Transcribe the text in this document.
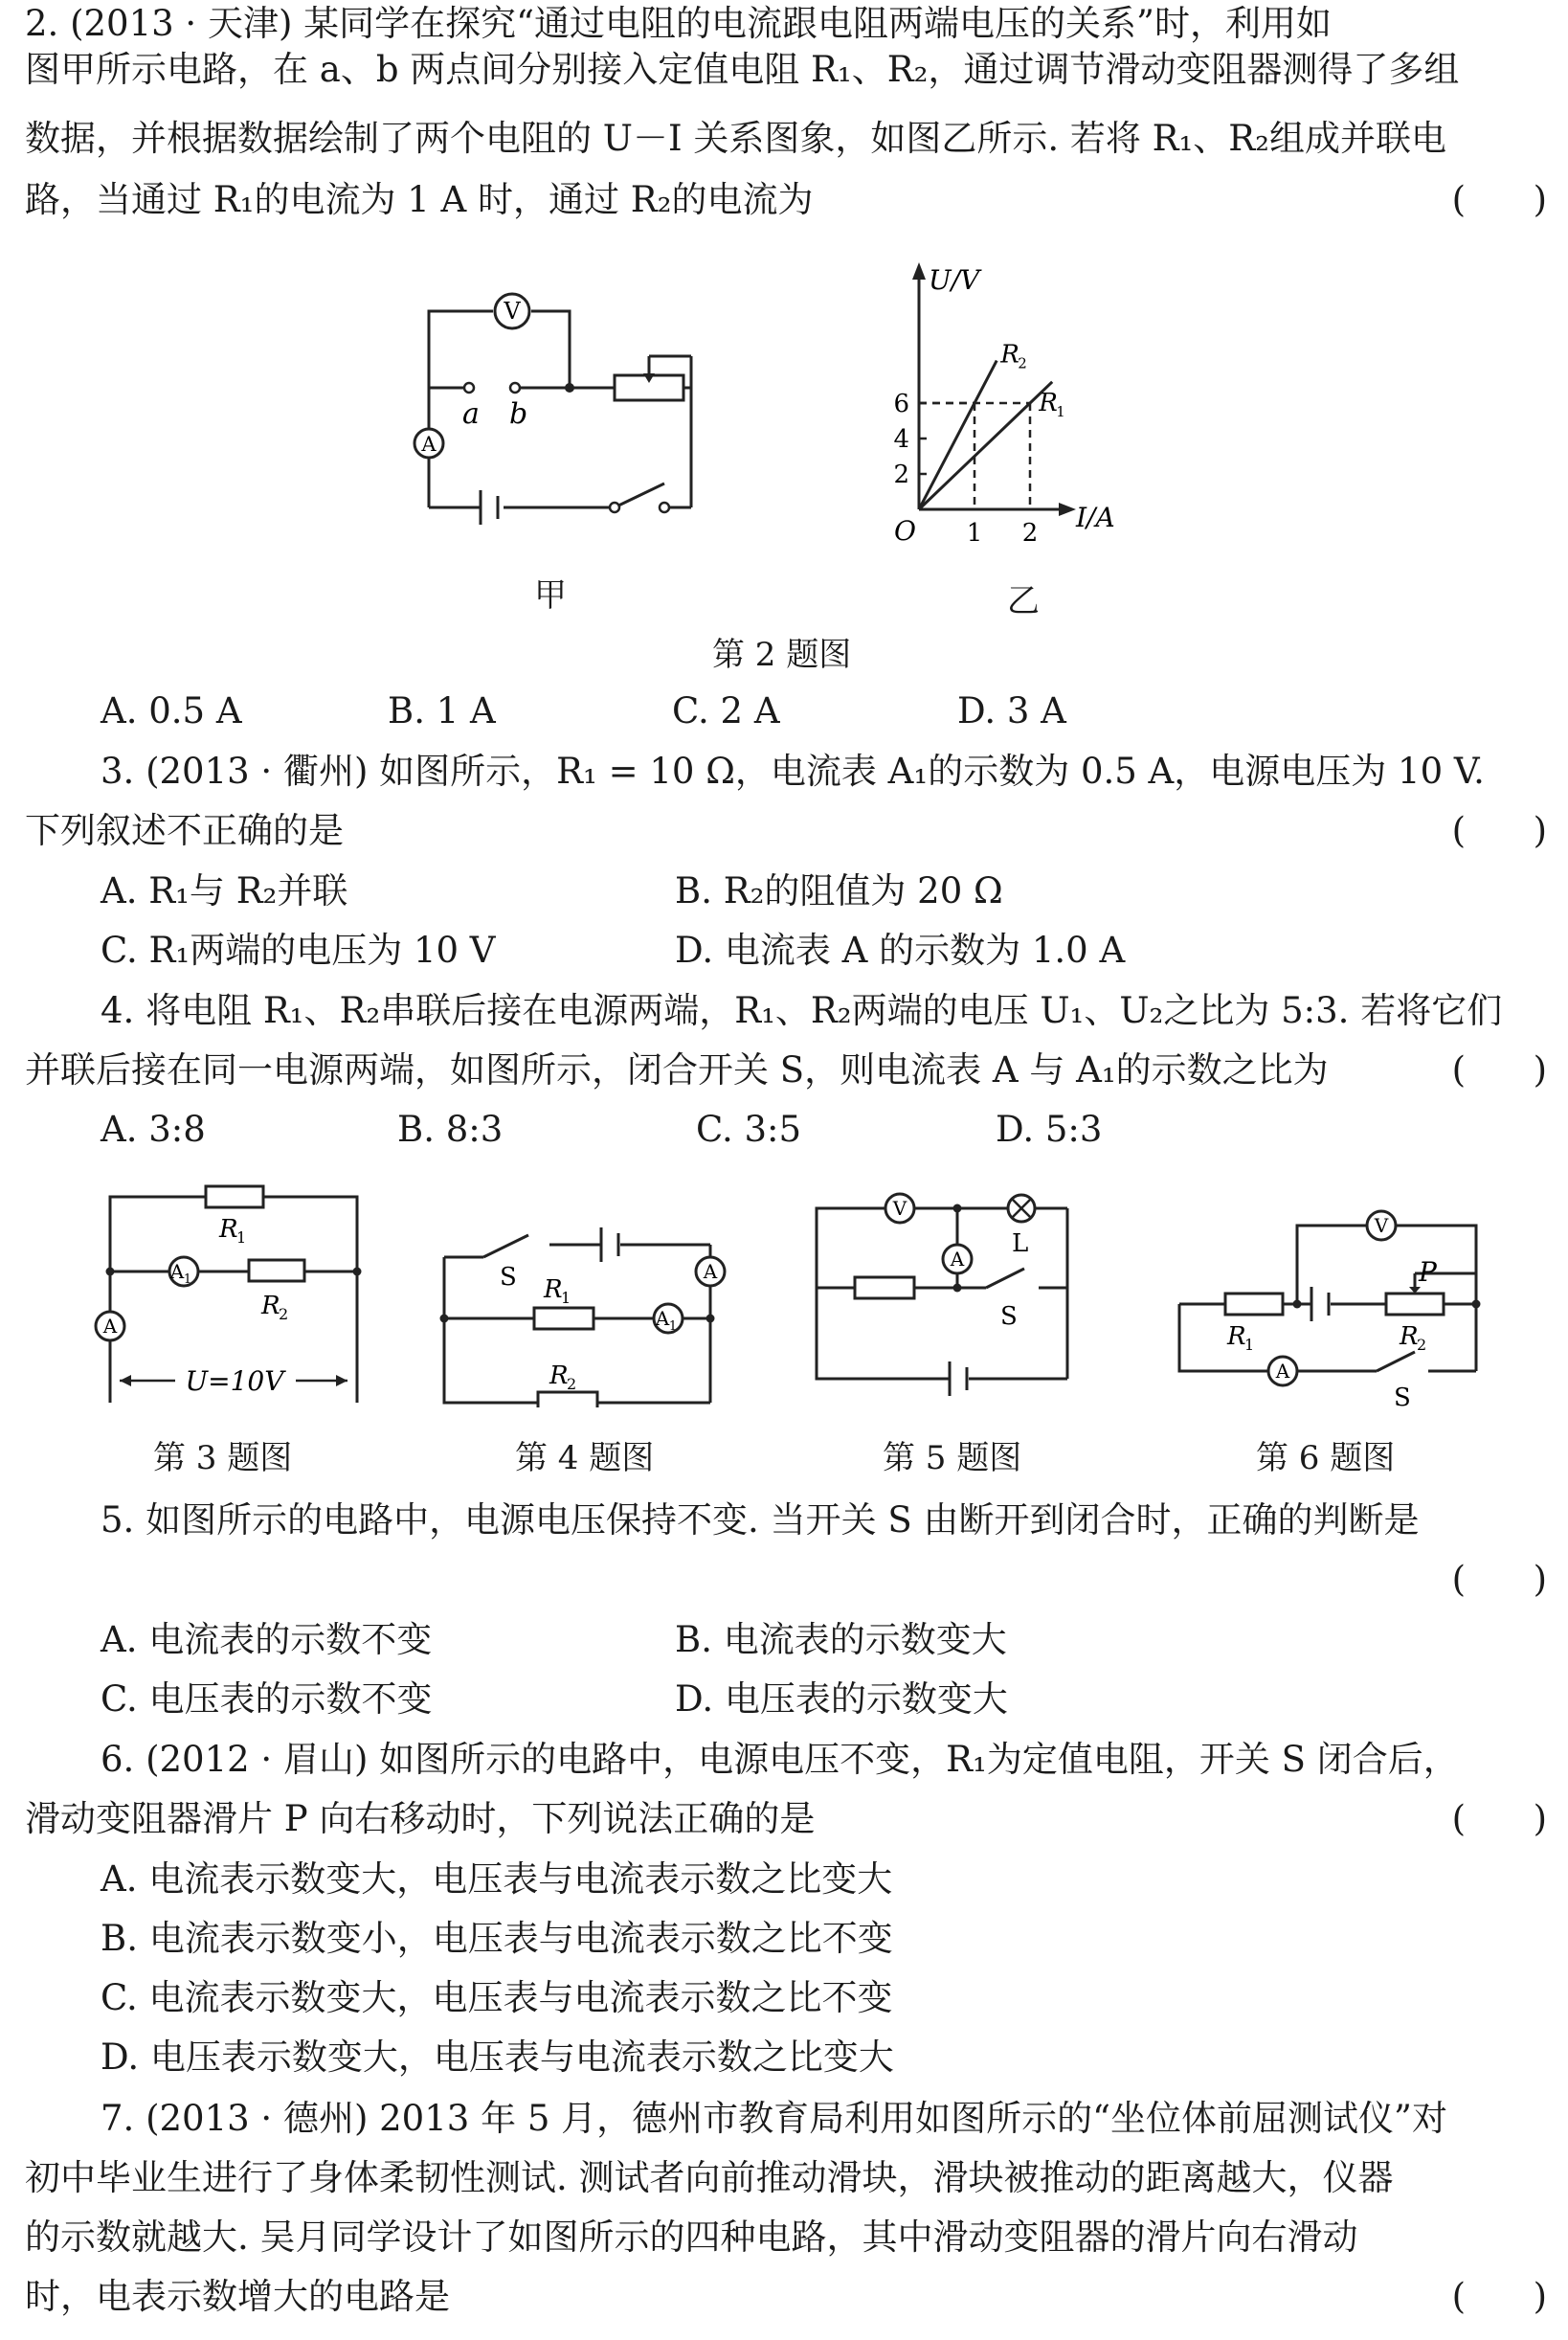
2. (2013 · 天津) 某同学在探究“通过电阻的电流跟电阻两端电压的关系”时，利用如
图甲所示电路，在 a、b 两点间分别接入定值电阻 R₁、R₂，通过调节滑动变阻器测得了多组
数据，并根据数据绘制了两个电阻的 U－I 关系图象，如图乙所示. 若将 R₁、R₂组成并联电
路，当通过 R₁的电流为 1 A 时，通过 R₂的电流为	(      )
V
A
a b
甲
2
4
6
1 2
R
2
R
1
U/V
I/A
O
乙
第 2 题图
A. 0.5 A	B. 1 A	C. 2 A	D. 3 A
3. (2013 · 衢州) 如图所示，R₁ = 10 Ω，电流表 A₁的示数为 0.5 A，电源电压为 10 V.
下列叙述不正确的是	(      )
A. R₁与 R₂并联	B. R₂的阻值为 20 Ω
C. R₁两端的电压为 10 V	D. 电流表 A 的示数为 1.0 A
4. 将电阻 R₁、R₂串联后接在电源两端，R₁、R₂两端的电压 U₁、U₂之比为 5:3. 若将它们
并联后接在同一电源两端，如图所示，闭合开关 S，则电流表 A 与 A₁的示数之比为	(      )
A. 3:8	B. 8:3	C. 3:5	D. 5:3
A 1
A
R
1
R
2
U=10V
第 3 题图
A
A 1
S R
1
R
2
第 4 题图
V
A
L
S
第 5 题图
V
A
P
R
1	R
2
S
第 6 题图
5. 如图所示的电路中，电源电压保持不变. 当开关 S 由断开到闭合时，正确的判断是
(      )
A. 电流表的示数不变	B. 电流表的示数变大
C. 电压表的示数不变	D. 电压表的示数变大
6. (2012 · 眉山) 如图所示的电路中，电源电压不变，R₁为定值电阻，开关 S 闭合后，
滑动变阻器滑片 P 向右移动时，下列说法正确的是	(      )
A. 电流表示数变大，电压表与电流表示数之比变大
B. 电流表示数变小，电压表与电流表示数之比不变
C. 电流表示数变大，电压表与电流表示数之比不变
D. 电压表示数变大，电压表与电流表示数之比变大
7. (2013 · 德州) 2013 年 5 月，德州市教育局利用如图所示的“坐位体前屈测试仪”对
初中毕业生进行了身体柔韧性测试. 测试者向前推动滑块，滑块被推动的距离越大，仪器
的示数就越大. 吴月同学设计了如图所示的四种电路，其中滑动变阻器的滑片向右滑动
时，电表示数增大的电路是	(      )
